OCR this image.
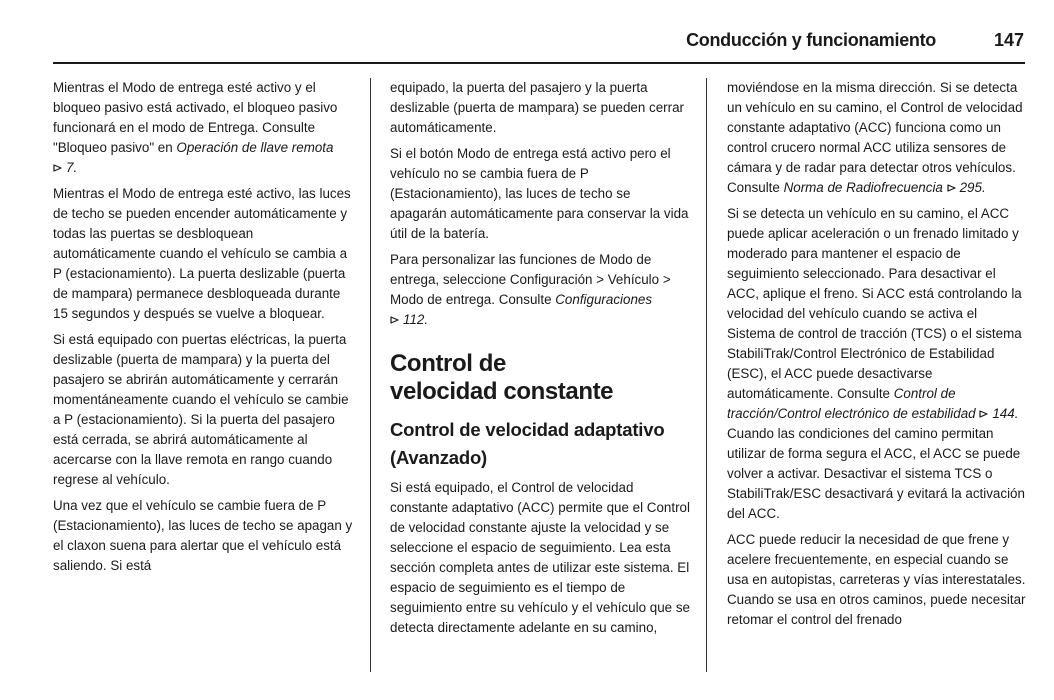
Conducción y funcionamiento	147

Mientras el Modo de entrega esté activo y el bloqueo pasivo está activado, el bloqueo pasivo funcionará en el modo de Entrega. Consulte "Bloqueo pasivo" en Operación de llave remota

7.

Mientras el Modo de entrega esté activo, las luces de techo se pueden encender automáticamente y todas las puertas se desbloquean automáticamente cuando el vehículo se cambia a P (estacionamiento). La puerta deslizable (puerta de mampara) permanece desbloqueada durante 15 segundos y después se vuelve a bloquear.

Si está equipado con puertas eléctricas, la puerta deslizable (puerta de mampara) y la puerta del pasajero se abrirán automáticamente y cerrarán momentáneamente cuando el vehículo se cambie a P (estacionamiento). Si la puerta del pasajero está cerrada, se abrirá automáticamente al acercarse con la llave remota en rango cuando regrese al vehículo.

Una vez que el vehículo se cambie fuera de P (Estacionamiento), las luces de techo se apagan y el claxon suena para alertar que el vehículo está saliendo. Si está

equipado, la puerta del pasajero y la puerta deslizable (puerta de mampara) se pueden cerrar automáticamente.

Si el botón Modo de entrega está activo pero el vehículo no se cambia fuera de P (Estacionamiento), las luces de techo se apagarán automáticamente para conservar la vida útil de la batería.

Para personalizar las funciones de Modo de entrega, seleccione Configuración > Vehículo > Modo de entrega. Consulte Configuraciones

112.

Control de
velocidad constante
Control de velocidad adaptativo
(Avanzado)

Si está equipado, el Control de velocidad constante adaptativo (ACC) permite que el Control de velocidad constante ajuste la velocidad y se seleccione el espacio de seguimiento. Lea esta sección completa antes de utilizar este sistema. El espacio de seguimiento es el tiempo de seguimiento entre su vehículo y el vehículo que se detecta directamente adelante en su camino,

moviéndose en la misma dirección. Si se detecta un vehículo en su camino, el Control de velocidad constante adaptativo (ACC) funciona como un control crucero normal ACC utiliza sensores de cámara y de radar para detectar otros vehículos. Consulte Norma de Radiofrecuencia 295.

Si se detecta un vehículo en su camino, el ACC puede aplicar aceleración o un frenado limitado y moderado para mantener el espacio de seguimiento seleccionado. Para desactivar el ACC, aplique el freno. Si ACC está controlando la velocidad del vehículo cuando se activa el Sistema de control de tracción (TCS) o el sistema StabiliTrak/Control Electrónico de Estabilidad (ESC), el ACC puede desactivarse automáticamente. Consulte Control de tracción/Control electrónico de estabilidad 144. Cuando las condiciones del camino permitan utilizar de forma segura el ACC, el ACC se puede volver a activar. Desactivar el sistema TCS o StabiliTrak/ESC desactivará y evitará la activación del ACC.

ACC puede reducir la necesidad de que frene y acelere frecuentemente, en especial cuando se usa en autopistas, carreteras y vías interestatales. Cuando se usa en otros caminos, puede necesitar retomar el control del frenado
